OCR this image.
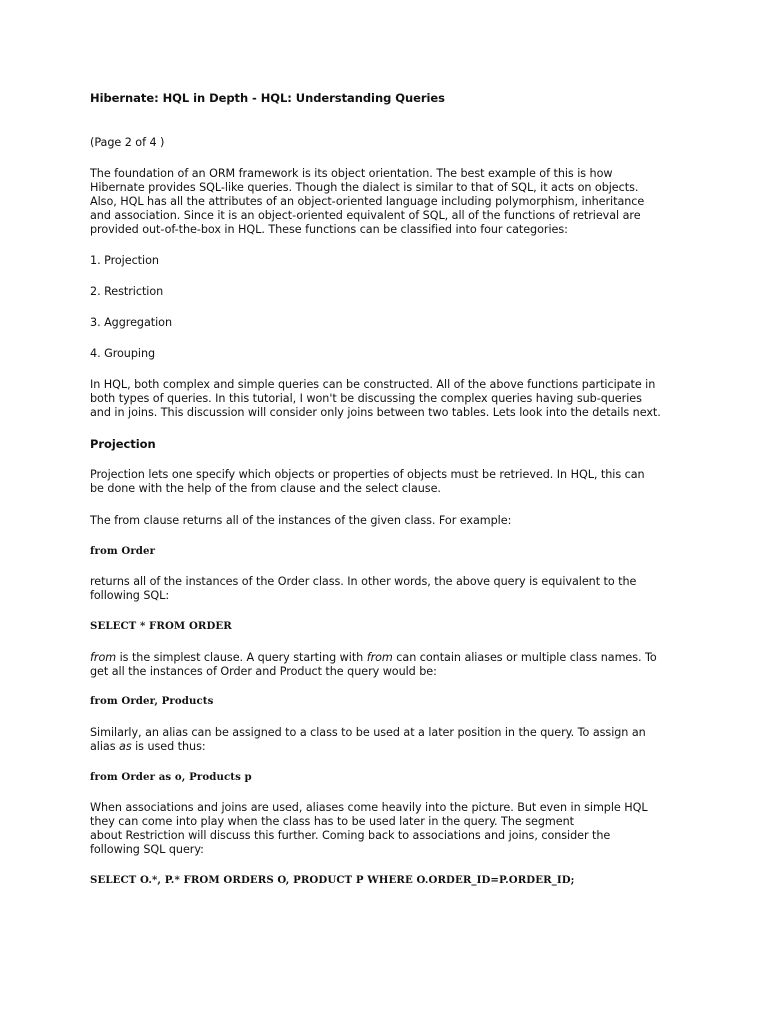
Hibernate: HQL in Depth - HQL: Understanding Queries
(Page 2 of 4 )
The foundation of an ORM framework is its object orientation. The best example of this is how
Hibernate provides SQL-like queries. Though the dialect is similar to that of SQL, it acts on objects.
Also, HQL has all the attributes of an object-oriented language including polymorphism, inheritance
and association. Since it is an object-oriented equivalent of SQL, all of the functions of retrieval are
provided out-of-the-box in HQL. These functions can be classified into four categories:
1. Projection
2. Restriction
3. Aggregation
4. Grouping
In HQL, both complex and simple queries can be constructed. All of the above functions participate in
both types of queries. In this tutorial, I won't be discussing the complex queries having sub-queries
and in joins. This discussion will consider only joins between two tables. Lets look into the details next.
Projection
Projection lets one specify which objects or properties of objects must be retrieved. In HQL, this can
be done with the help of the from clause and the select clause.
The from clause returns all of the instances of the given class. For example:
from Order
returns all of the instances of the Order class. In other words, the above query is equivalent to the
following SQL:
SELECT * FROM ORDER
from is the simplest clause. A query starting with from can contain aliases or multiple class names. To
get all the instances of Order and Product the query would be:
from Order, Products
Similarly, an alias can be assigned to a class to be used at a later position in the query. To assign an
alias as is used thus:
from Order as o, Products p
When associations and joins are used, aliases come heavily into the picture. But even in simple HQL
they can come into play when the class has to be used later in the query. The segment
about Restriction will discuss this further. Coming back to associations and joins, consider the
following SQL query:
SELECT O.*, P.* FROM ORDERS O, PRODUCT P WHERE O.ORDER_ID=P.ORDER_ID;
